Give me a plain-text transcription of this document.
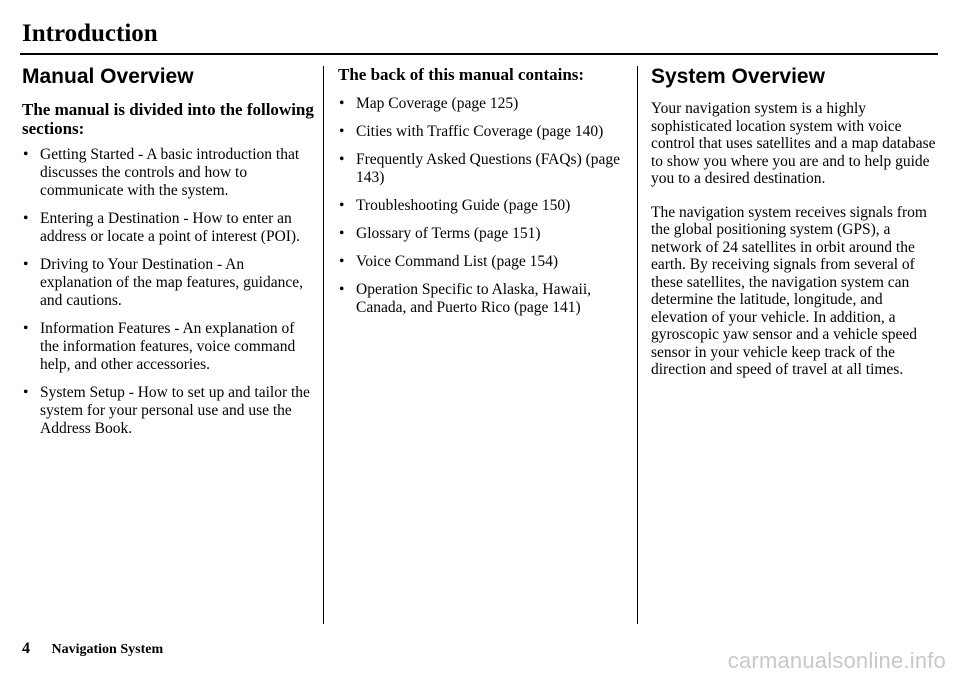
Introduction
Manual Overview
The manual is divided into the following sections:
• Getting Started - A basic introduction that discusses the controls and how to communicate with the system.
• Entering a Destination - How to enter an address or locate a point of interest (POI).
• Driving to Your Destination - An explanation of the map features, guidance, and cautions.
• Information Features - An explanation of the information features, voice command help, and other accessories.
• System Setup - How to set up and tailor the system for your personal use and use the Address Book.
The back of this manual contains:
• Map Coverage (page 125)
• Cities with Traffic Coverage (page 140)
• Frequently Asked Questions (FAQs) (page 143)
• Troubleshooting Guide (page 150)
• Glossary of Terms (page 151)
• Voice Command List (page 154)
• Operation Specific to Alaska, Hawaii, Canada, and Puerto Rico (page 141)
System Overview

Your navigation system is a highly sophisticated location system with voice control that uses satellites and a map database to show you where you are and to help guide you to a desired destination.

The navigation system receives signals from the global positioning system (GPS), a network of 24 satellites in orbit around the earth. By receiving signals from several of these satellites, the navigation system can determine the latitude, longitude, and elevation of your vehicle. In addition, a gyroscopic yaw sensor and a vehicle speed sensor in your vehicle keep track of the direction and speed of travel at all times.

4 Navigation System	carmanualsonline.info
